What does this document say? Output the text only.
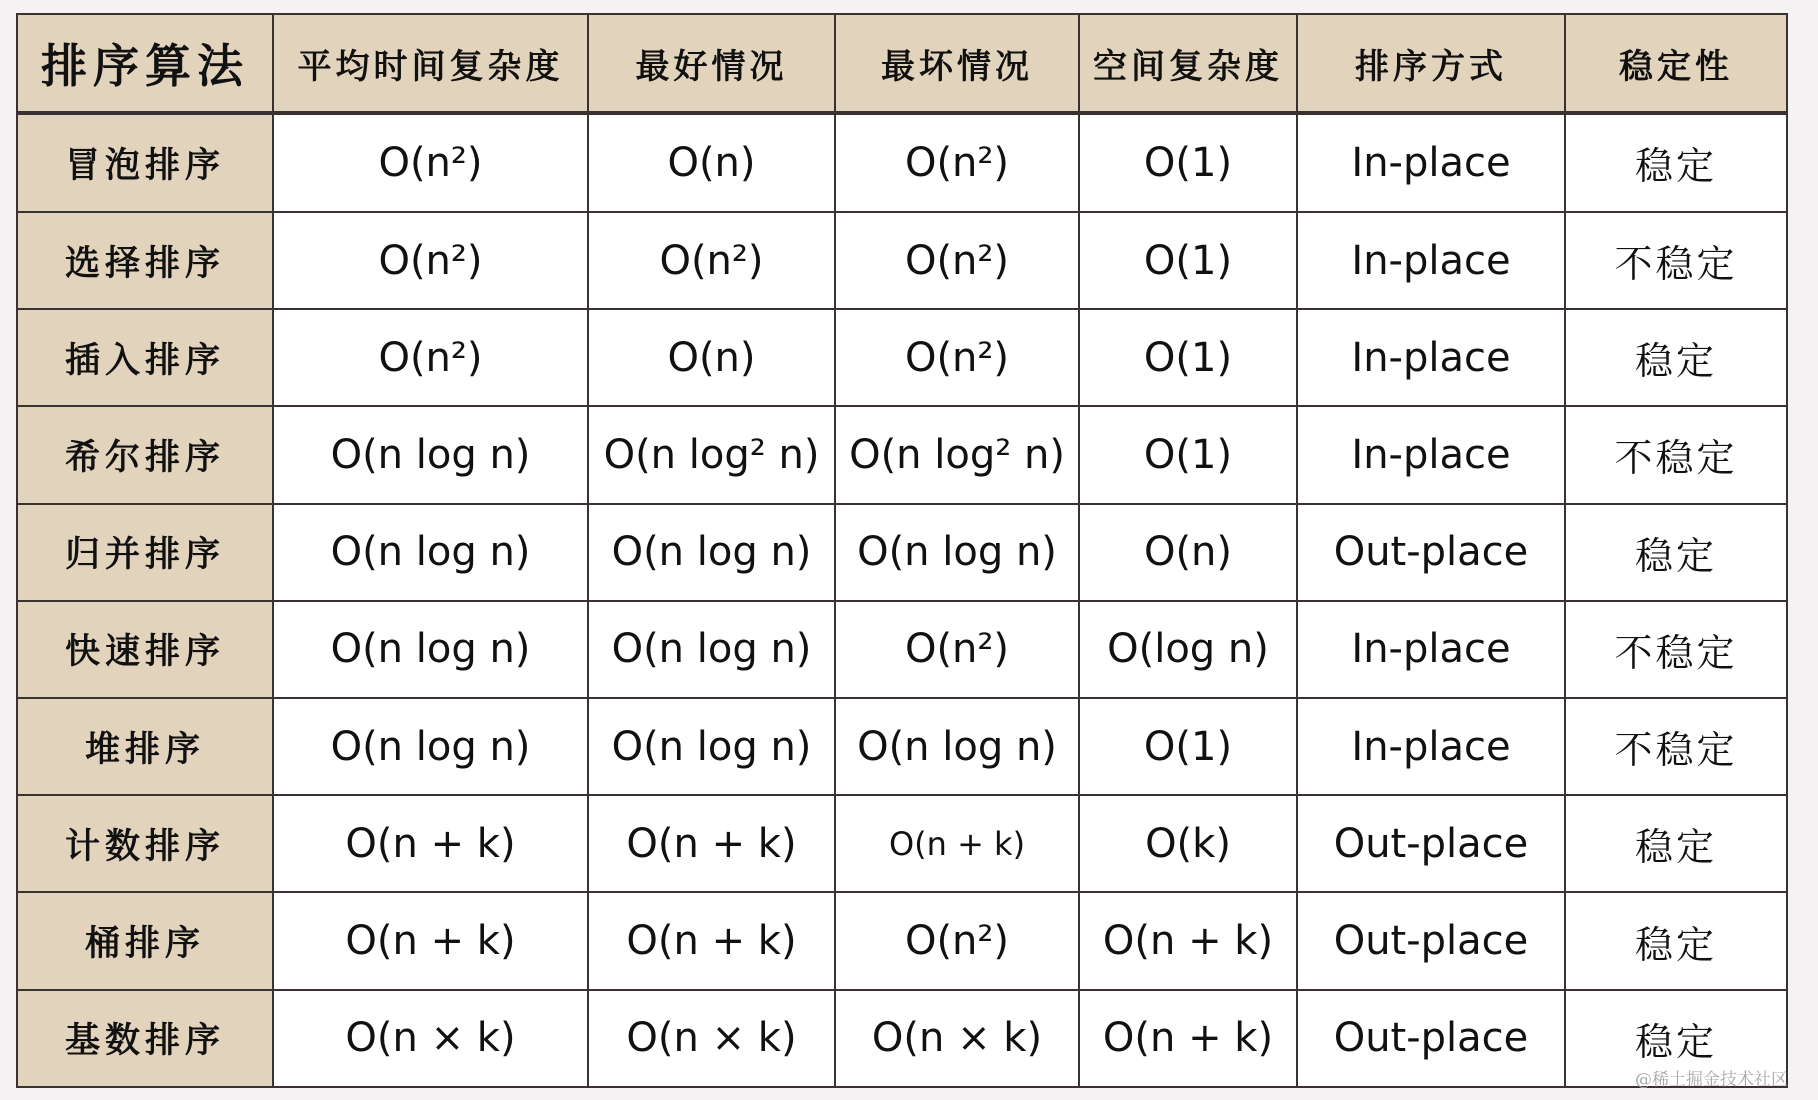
排序算法	平均时间复杂度	最好情况	最坏情况	空间复杂度	排序方式	稳定性
冒泡排序	O(n²)	O(n)	O(n²)	O(1)	In-place	稳定
选择排序	O(n²)	O(n²)	O(n²)	O(1)	In-place	不稳定
插入排序	O(n²)	O(n)	O(n²)	O(1)	In-place	稳定
希尔排序	O(n log n)	O(n log² n)	O(n log² n)	O(1)	In-place	不稳定
归并排序	O(n log n)	O(n log n)	O(n log n)	O(n)	Out-place	稳定
快速排序	O(n log n)	O(n log n)	O(n²)	O(log n)	In-place	不稳定
堆排序	O(n log n)	O(n log n)	O(n log n)	O(1)	In-place	不稳定
计数排序	O(n + k)	O(n + k)	O(n + k)	O(k)	Out-place	稳定
桶排序	O(n + k)	O(n + k)	O(n²)	O(n + k)	Out-place	稳定
基数排序	O(n × k)	O(n × k)	O(n × k)	O(n + k)	Out-place	稳定
@稀土掘金技术社区
